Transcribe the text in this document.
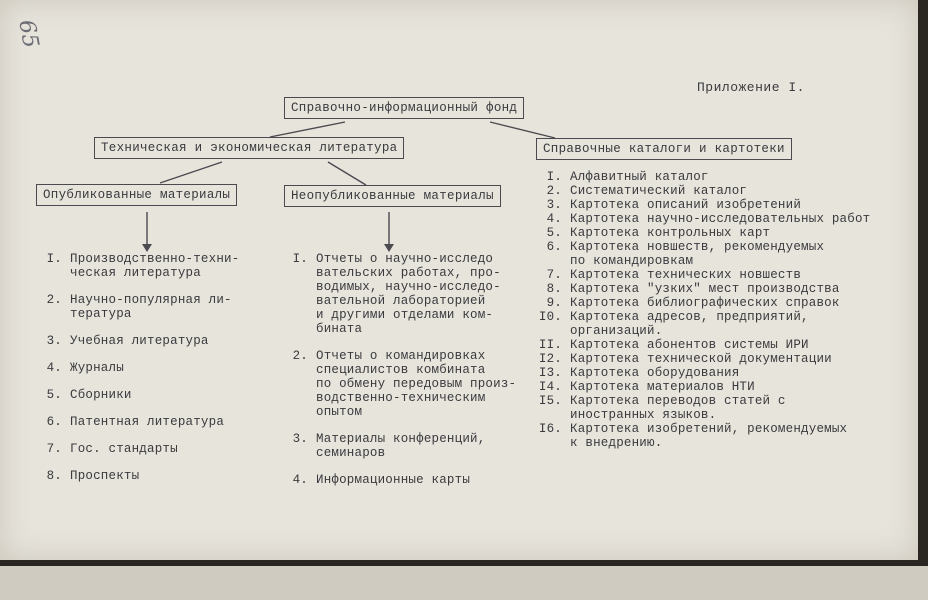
65
Приложение I.
Справочно-информационный фонд
Техническая и экономическая литература	Справочные каталоги и картотеки
Опубликованные материалы	Неопубликованные материалы
I. Производственно-техни-
ческая литература
2. Научно-популярная ли-
тература
3. Учебная литература
4. Журналы
5. Сборники
6. Патентная литература
7. Гос. стандарты
8. Проспекты
I. Отчеты о научно-исследо
вательских работах, про-
водимых, научно-исследо-
вательной лабораторией
и другими отделами ком-
бината
2. Отчеты о командировках
специалистов комбината
по обмену передовым произ-
водственно-техническим
опытом
3. Материалы конференций,
семинаров
4. Информационные карты
I. Алфавитный каталог
2. Систематический каталог
3. Картотека описаний изобретений
4. Картотека научно-исследовательных работ
5. Картотека контрольных карт
6. Картотека новшеств, рекомендуемых
по командировкам
7. Картотека технических новшеств
8. Картотека "узких" мест производства
9. Картотека библиографических справок
I0. Картотека адресов, предприятий,
организаций.
II. Картотека абонентов системы ИРИ
I2. Картотека технической документации
I3. Картотека оборудования
I4. Картотека материалов НТИ
I5. Картотека переводов статей с
иностранных языков.
I6. Картотека изобретений, рекомендуемых
к внедрению.
